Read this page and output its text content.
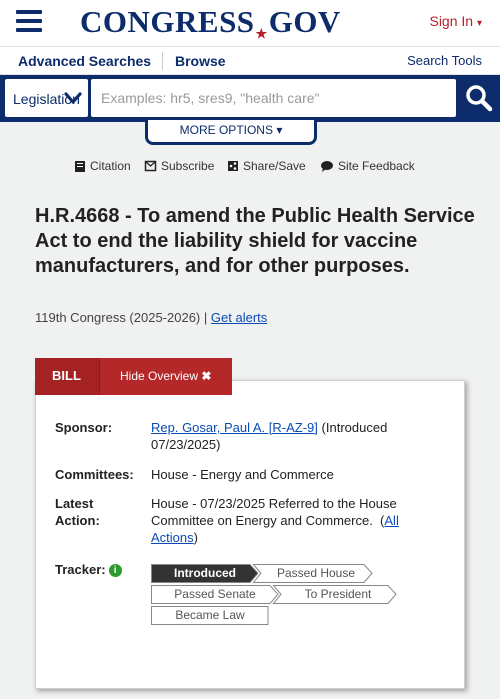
CONGRESS★GOV	Sign In ▾
Advanced Searches Browse	Search Tools
Legislation
Examples: hr5, sres9, "health care"
MORE OPTIONS ▾
Citation	Subscribe Share/Save	Site Feedback
H.R.4668 - To amend the Public Health Service Act to end the liability shield for vaccine manufacturers, and for other purposes.
119th Congress (2025-2026) | Get alerts
Sponsor:	Rep. Gosar, Paul A. [R-AZ-9] (Introduced 07/23/2025)
Committees: House - Energy and Commerce
Latest
Action:
House - 07/23/2025 Referred to the House Committee on Energy and Commerce. (All Actions)
Tracker: i	Introduced	Passed House
Passed Senate	To President
Became Law
BILL	Hide Overview ✖
